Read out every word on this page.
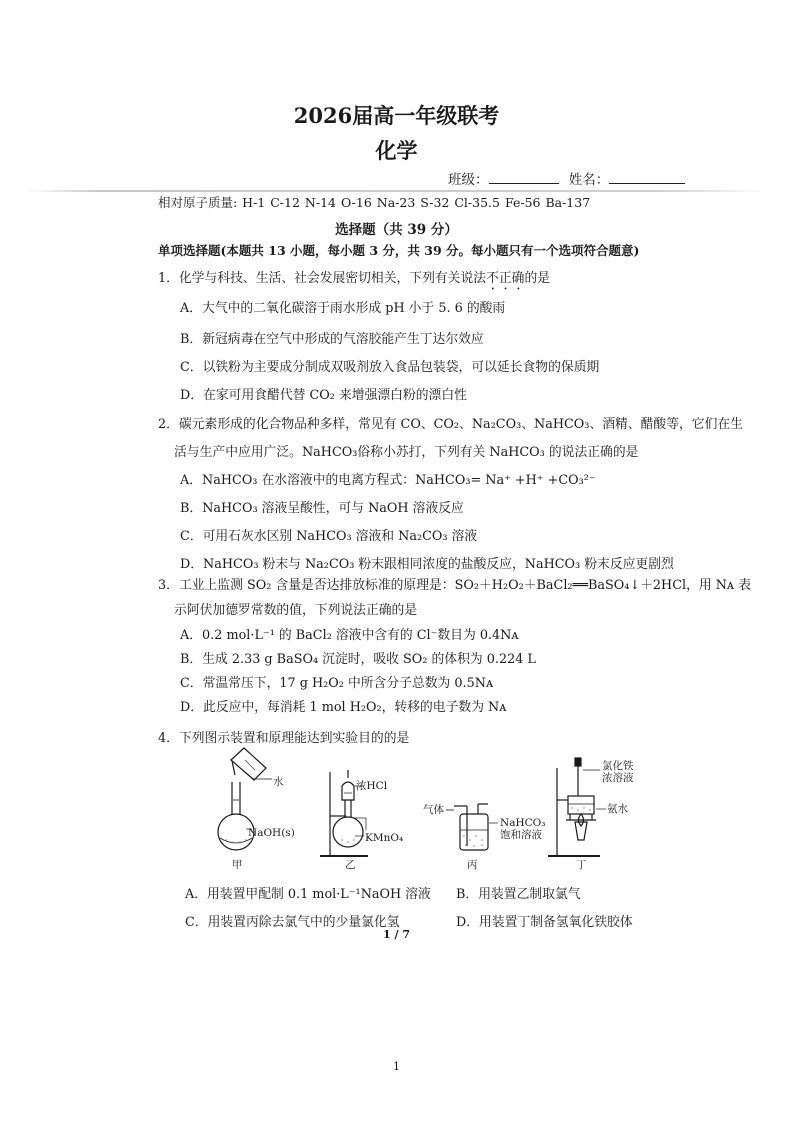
2026届高一年级联考
化学
班级：	姓名：
相对原子质量: H-1 C-12 N-14 O-16 Na-23 S-32 Cl-35.5 Fe-56 Ba-137
选择题（共 39 分）
单项选择题(本题共 13 小题，每小题 3 分，共 39 分。每小题只有一个选项符合题意)
1．化学与科技、生活、社会发展密切相关，下列有关说法不正确的是
A．大气中的二氧化碳溶于雨水形成 pH 小于 5. 6 的酸雨
B．新冠病毒在空气中形成的气溶胶能产生丁达尔效应
C．以铁粉为主要成分制成双吸剂放入食品包装袋，可以延长食物的保质期
D．在家可用食醋代替 CO₂ 来增强漂白粉的漂白性
2．碳元素形成的化合物品种多样，常见有 CO、CO₂、Na₂CO₃、NaHCO₃、酒精、醋酸等，它们在生
活与生产中应用广泛。NaHCO₃俗称小苏打，下列有关 NaHCO₃ 的说法正确的是
A．NaHCO₃ 在水溶液中的电离方程式：NaHCO₃= Na⁺ +H⁺ +CO₃²⁻
B．NaHCO₃ 溶液呈酸性，可与 NaOH 溶液反应
C．可用石灰水区别 NaHCO₃ 溶液和 Na₂CO₃ 溶液
D．NaHCO₃ 粉末与 Na₂CO₃ 粉末跟相同浓度的盐酸反应，NaHCO₃ 粉末反应更剧烈
3．工业上监测 SO₂ 含量是否达排放标准的原理是：SO₂＋H₂O₂＋BaCl₂══BaSO₄↓＋2HCl，用 Nᴀ 表
示阿伏加德罗常数的值，下列说法正确的是
A．0.2 mol·L⁻¹ 的 BaCl₂ 溶液中含有的 Cl⁻数目为 0.4Nᴀ
B．生成 2.33 g BaSO₄ 沉淀时，吸收 SO₂ 的体积为 0.224 L
C．常温常压下，17 g H₂O₂ 中所含分子总数为 0.5Nᴀ
D．此反应中，每消耗 1 mol H₂O₂，转移的电子数为 Nᴀ
4．下列图示装置和原理能达到实验目的的是
水
NaOH(s)
甲
浓HCl
KMnO₄
乙
气体
NaHCO₃
饱和溶液
丙
氯化铁
浓溶液
氨水
丁
A．用装置甲配制 0.1 mol·L⁻¹NaOH 溶液 B．用装置乙制取氯气
C．用装置丙除去氯气中的少量氯化氢	D．用装置丁制备氢氧化铁胶体
1 / 7
1
